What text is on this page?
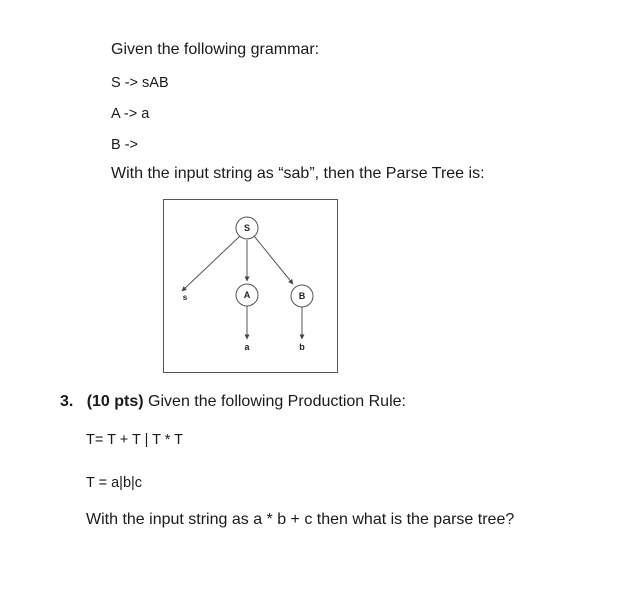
Given the following grammar:
S -> sAB
A -> a
B ->
With the input string as “sab”, then the Parse Tree is:
S
s	A	B
a	b
3. (10 pts) Given the following Production Rule:
T= T + T | T * T
T = a|b|c
With the input string as a * b + c then what is the parse tree?
